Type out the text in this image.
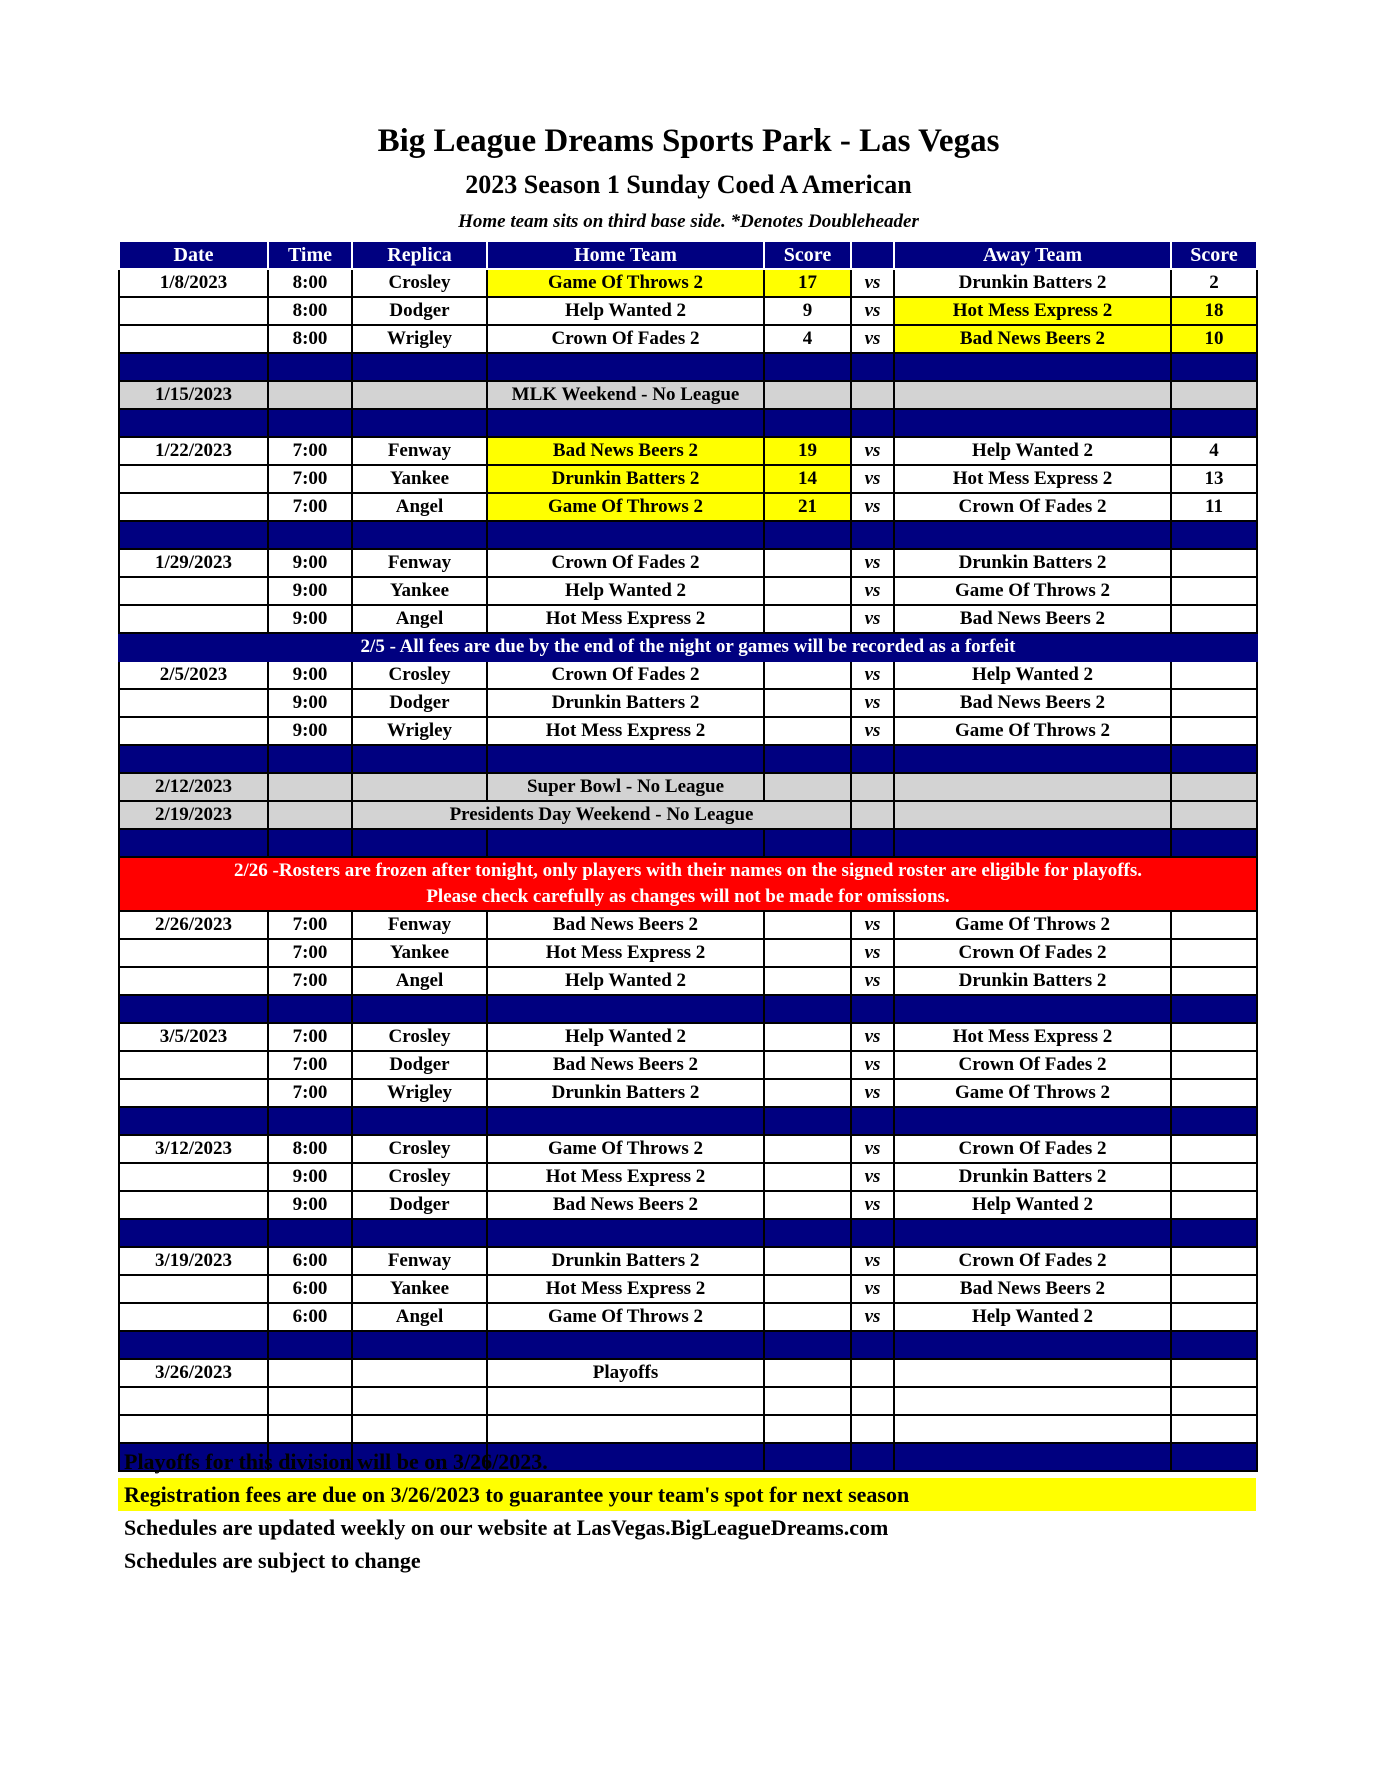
Big League Dreams Sports Park - Las Vegas
2023 Season 1 Sunday Coed A American
Home team sits on third base side. *Denotes Doubleheader
Date	Time	Replica	Home Team	Score		Away Team	Score	
1/8/2023	8:00	Crosley	Game Of Throws 2	17	vs	Drunkin Batters 2	2	
	8:00	Dodger	Help Wanted 2	9	vs	Hot Mess Express 2	18	
	8:00	Wrigley	Crown Of Fades 2	4	vs	Bad News Beers 2	10	

1/15/2023			MLK Weekend - No League					

1/22/2023	7:00	Fenway	Bad News Beers 2	19	vs	Help Wanted 2	4	
	7:00	Yankee	Drunkin Batters 2	14	vs	Hot Mess Express 2	13	
	7:00	Angel	Game Of Throws 2	21	vs	Crown Of Fades 2	11	

1/29/2023	9:00	Fenway	Crown Of Fades 2		vs	Drunkin Batters 2		
	9:00	Yankee	Help Wanted 2		vs	Game Of Throws 2		
	9:00	Angel	Hot Mess Express 2		vs	Bad News Beers 2		
2/5 - All fees are due by the end of the night or games will be recorded as a forfeit								
2/5/2023	9:00	Crosley	Crown Of Fades 2		vs	Help Wanted 2		
	9:00	Dodger	Drunkin Batters 2		vs	Bad News Beers 2		
	9:00	Wrigley	Hot Mess Express 2		vs	Game Of Throws 2		

2/12/2023			Super Bowl - No League					
2/19/2023		Presidents Day Weekend - No League						

2/26 -Rosters are frozen after tonight, only players with their names on the signed roster are eligible for playoffs.
Please check carefully as changes will not be made for omissions.								

2/26/2023	7:00	Fenway	Bad News Beers 2		vs	Game Of Throws 2		
	7:00	Yankee	Hot Mess Express 2		vs	Crown Of Fades 2		
	7:00	Angel	Help Wanted 2		vs	Drunkin Batters 2		

3/5/2023	7:00	Crosley	Help Wanted 2		vs	Hot Mess Express 2		
	7:00	Dodger	Bad News Beers 2		vs	Crown Of Fades 2		
	7:00	Wrigley	Drunkin Batters 2		vs	Game Of Throws 2		

3/12/2023	8:00	Crosley	Game Of Throws 2		vs	Crown Of Fades 2		
	9:00	Crosley	Hot Mess Express 2		vs	Drunkin Batters 2		
	9:00	Dodger	Bad News Beers 2		vs	Help Wanted 2		

3/19/2023	6:00	Fenway	Drunkin Batters 2		vs	Crown Of Fades 2		
	6:00	Yankee	Hot Mess Express 2		vs	Bad News Beers 2		
	6:00	Angel	Game Of Throws 2		vs	Help Wanted 2		

3/26/2023			Playoffs					

Playoffs for this division will be on 3/26/2023.
Registration fees are due on 3/26/2023 to guarantee your team's spot for next season
Schedules are updated weekly on our website at LasVegas.BigLeagueDreams.com
Schedules are subject to change
